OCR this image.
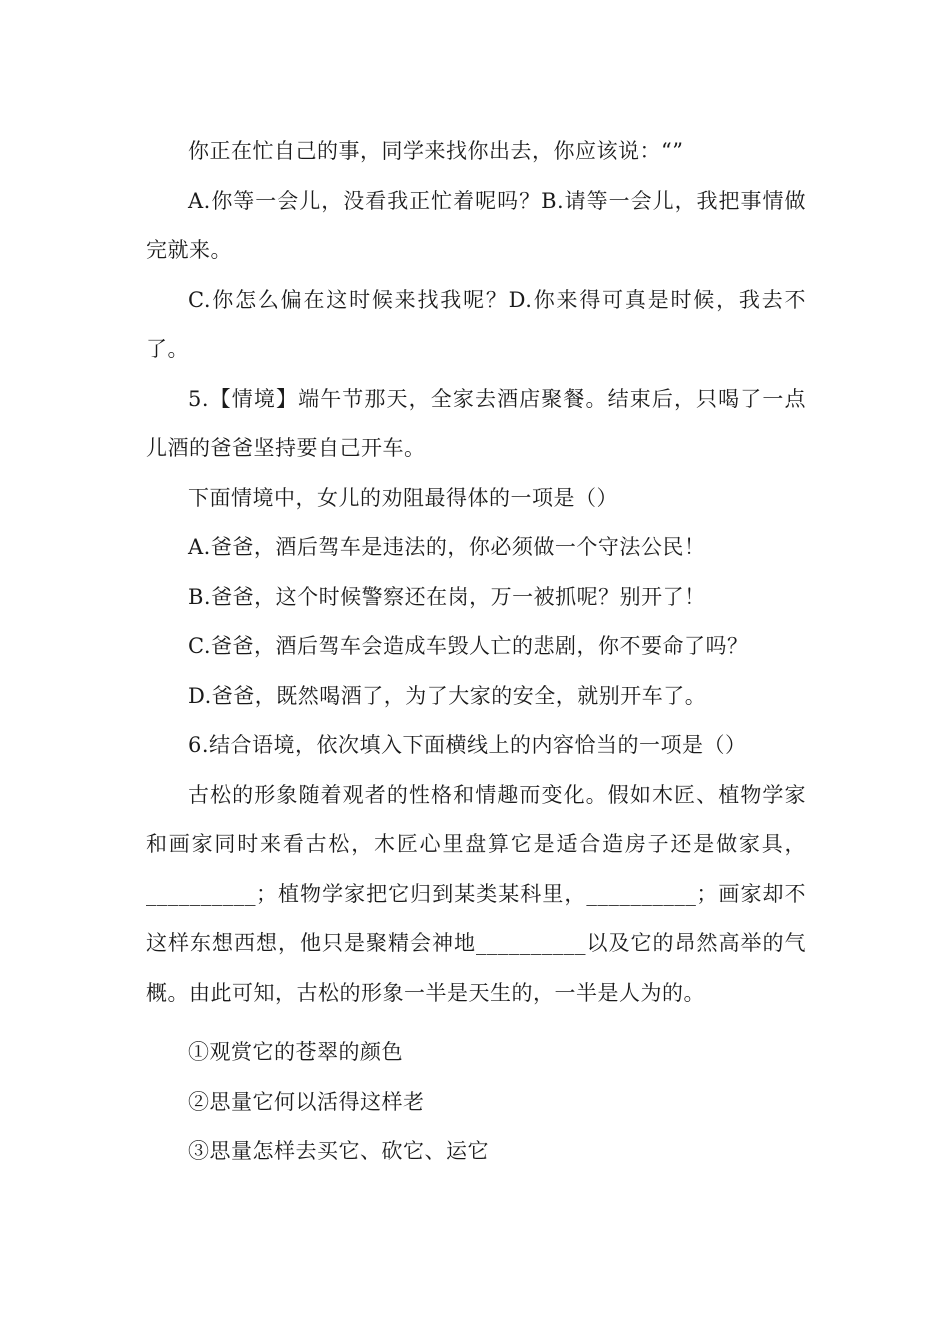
你正在忙自己的事，同学来找你出去，你应该说：“”

A.你等一会儿，没看我正忙着呢吗？B.请等一会儿，我把事情做完就来。

C.你怎么偏在这时候来找我呢？D.你来得可真是时候，我去不了。

5.【情境】端午节那天，全家去酒店聚餐。结束后，只喝了一点儿酒的爸爸坚持要自己开车。

下面情境中，女儿的劝阻最得体的一项是（）

A.爸爸，酒后驾车是违法的，你必须做一个守法公民！

B.爸爸，这个时候警察还在岗，万一被抓呢？别开了！

C.爸爸，酒后驾车会造成车毁人亡的悲剧，你不要命了吗？

D.爸爸，既然喝酒了，为了大家的安全，就别开车了。

6.结合语境，依次填入下面横线上的内容恰当的一项是（）

古松的形象随着观者的性格和情趣而变化。假如木匠、植物学家和画家同时来看古松，木匠心里盘算它是适合造房子还是做家具，__________；植物学家把它归到某类某科里，__________；画家却不这样东想西想，他只是聚精会神地__________以及它的昂然高举的气概。由此可知，古松的形象一半是天生的，一半是人为的。

①观赏它的苍翠的颜色

②思量它何以活得这样老

③思量怎样去买它、砍它、运它
